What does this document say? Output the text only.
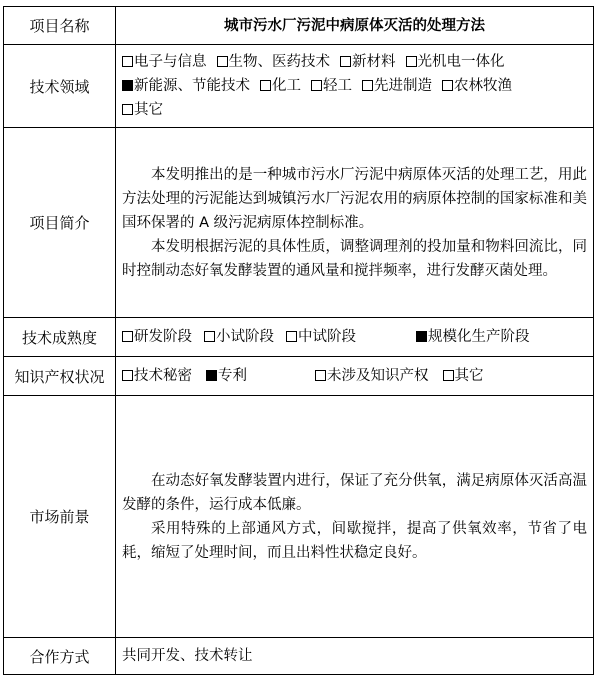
项目名称	城市污水厂污泥中病原体灭活的处理方法
技术领域	电子与信息 生物、医药技术 新材料 光机电一体化
新能源、节能技术 化工 轻工 先进制造 农林牧渔
其它
项目简介	本发明推出的是一种城市污水厂污泥中病原体灭活的处理工艺，用此方法处理的污泥能达到城镇污水厂污泥农用的病原体控制的国家标准和美国环保署的 A 级污泥病原体控制标准。

本发明根据污泥的具体性质，调整调理剂的投加量和物料回流比，同时控制动态好氧发酵装置的通风量和搅拌频率，进行发酵灭菌处理。

技术成熟度	研发阶段 小试阶段 中试阶段 规模化生产阶段
知识产权状况	技术秘密 专利 未涉及知识产权 其它
市场前景	在动态好氧发酵装置内进行，保证了充分供氧，满足病原体灭活高温发酵的条件，运行成本低廉。

采用特殊的上部通风方式，间歇搅拌，提高了供氧效率，节省了电耗，缩短了处理时间，而且出料性状稳定良好。

合作方式	共同开发、技术转让
